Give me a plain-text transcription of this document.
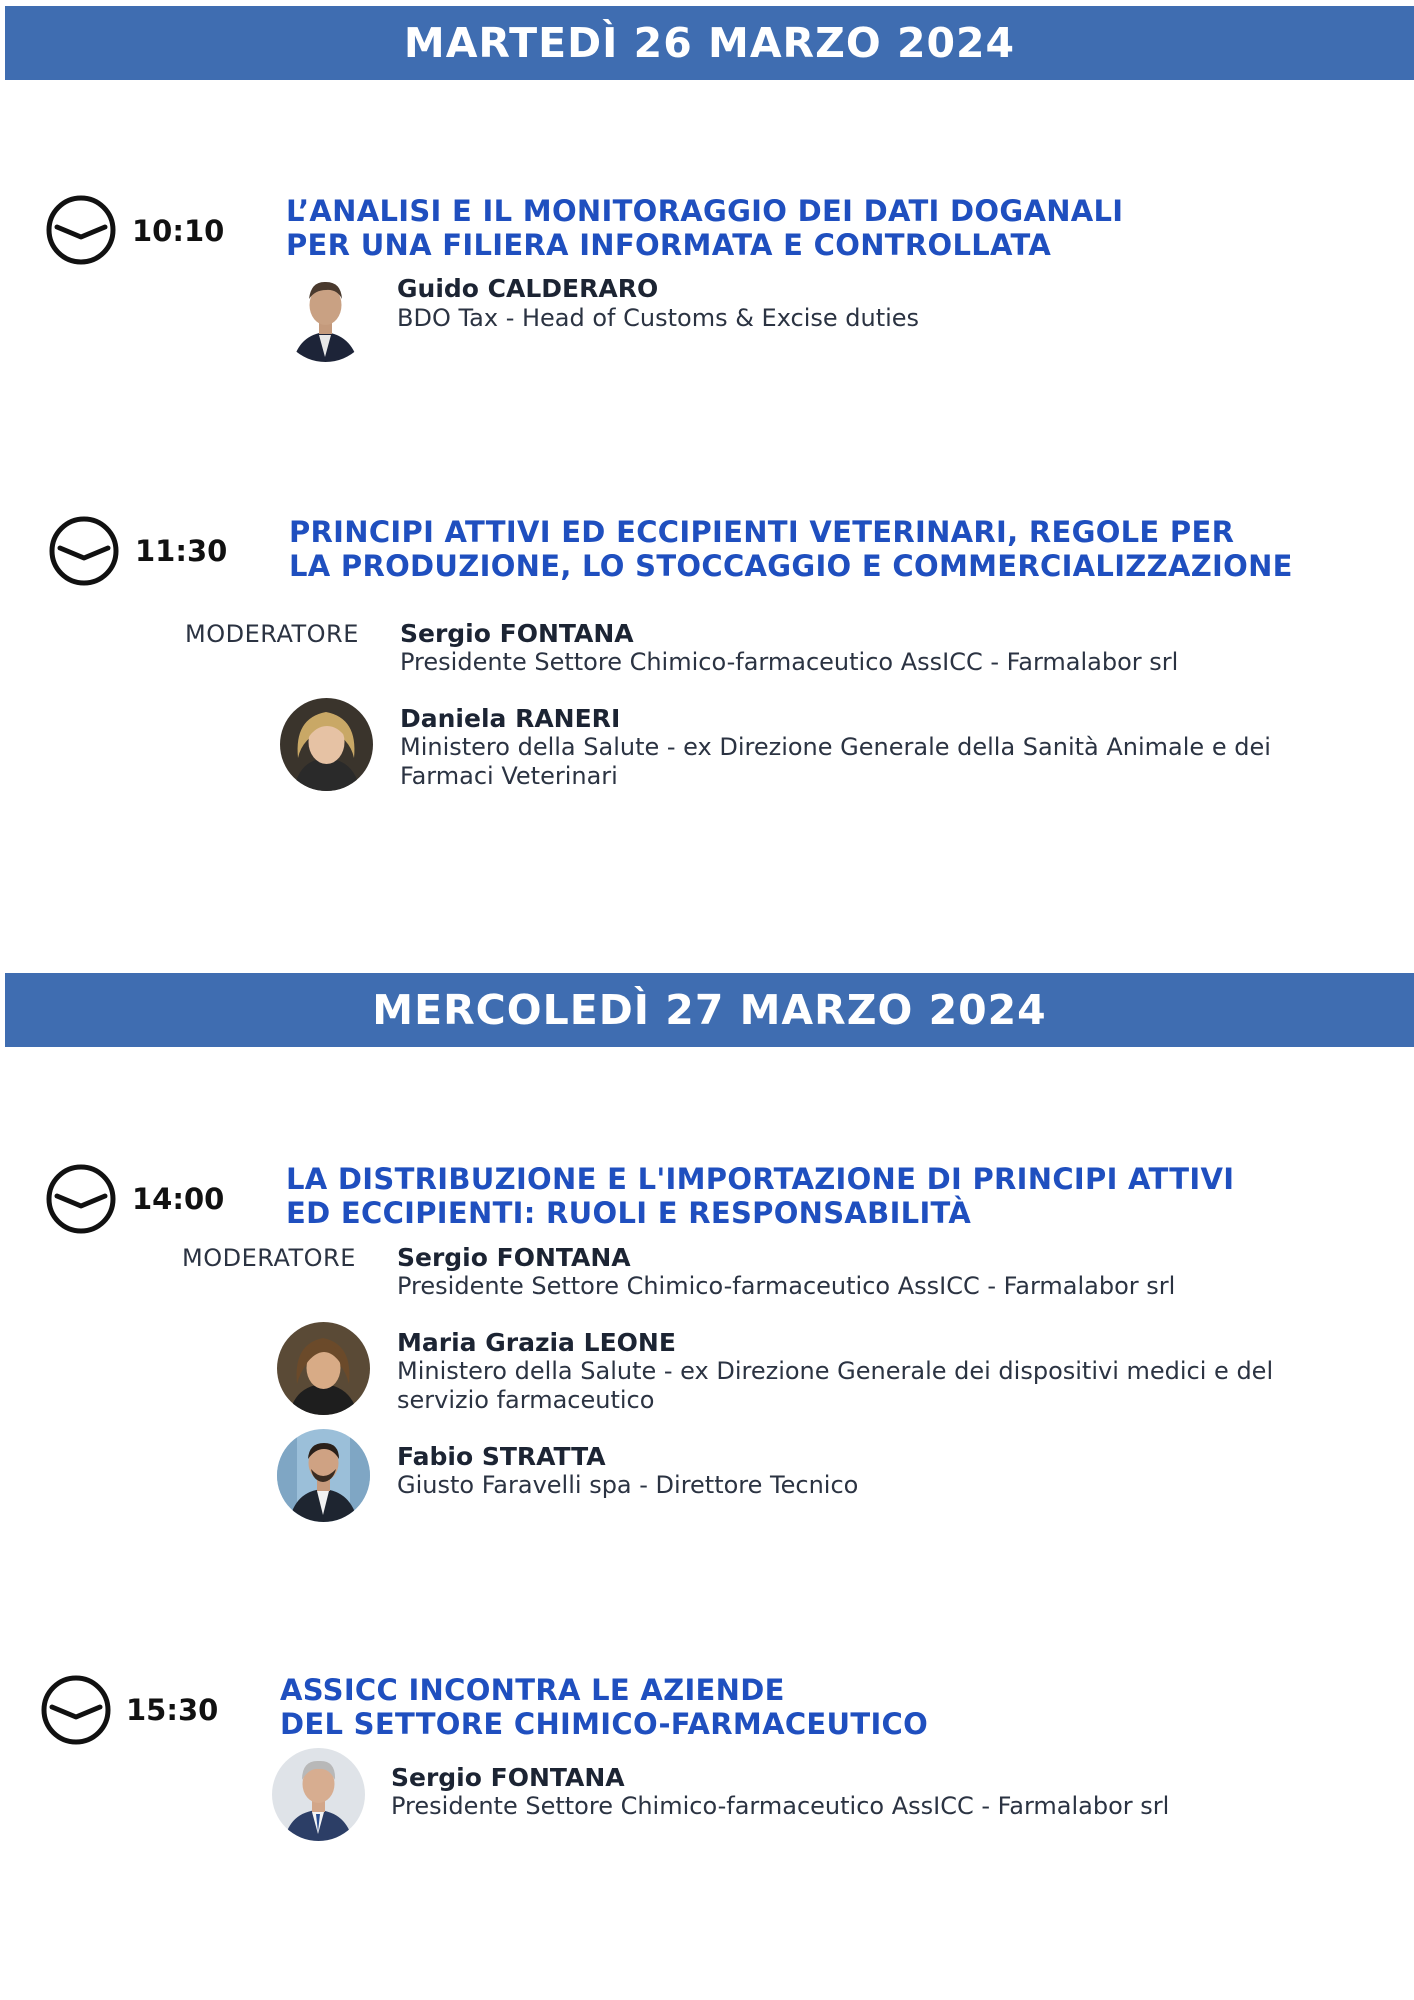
MARTEDÌ 26 MARZO 2024
10:10
L’ANALISI E IL MONITORAGGIO DEI DATI DOGANALI
PER UNA FILIERA INFORMATA E CONTROLLATA
Guido CALDERARO
BDO Tax - Head of Customs & Excise duties
11:30
PRINCIPI ATTIVI ED ECCIPIENTI VETERINARI, REGOLE PER
LA PRODUZIONE, LO STOCCAGGIO E COMMERCIALIZZAZIONE
MODERATORE Sergio FONTANA
Presidente Settore Chimico-farmaceutico AssICC - Farmalabor srl
Daniela RANERI
Ministero della Salute - ex Direzione Generale della Sanità Animale e dei
Farmaci Veterinari
MERCOLEDÌ 27 MARZO 2024
14:00
LA DISTRIBUZIONE E L'IMPORTAZIONE DI PRINCIPI ATTIVI
ED ECCIPIENTI: RUOLI E RESPONSABILITÀ
MODERATORE Sergio FONTANA
Presidente Settore Chimico-farmaceutico AssICC - Farmalabor srl
Maria Grazia LEONE
Ministero della Salute - ex Direzione Generale dei dispositivi medici e del
servizio farmaceutico
Fabio STRATTA
Giusto Faravelli spa - Direttore Tecnico
15:30
ASSICC INCONTRA LE AZIENDE
DEL SETTORE CHIMICO-FARMACEUTICO
Sergio FONTANA
Presidente Settore Chimico-farmaceutico AssICC - Farmalabor srl
